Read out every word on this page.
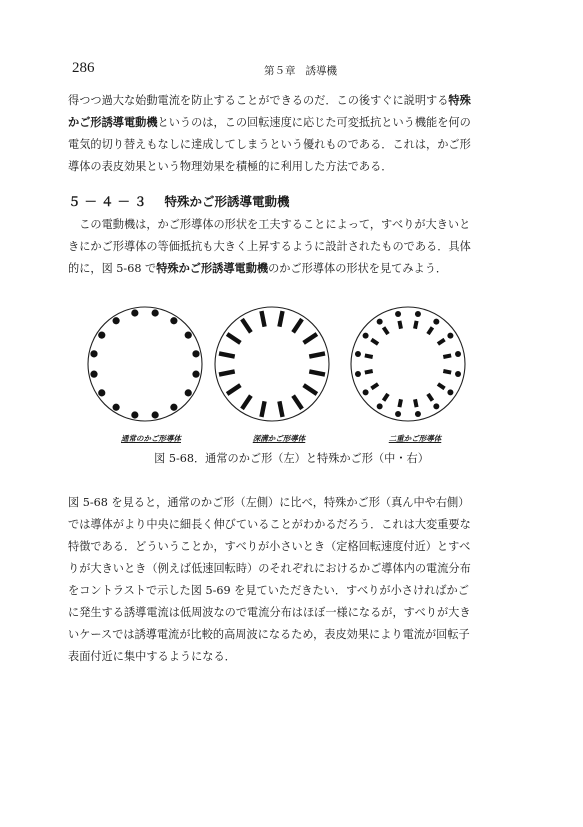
286	第５章 誘導機
得つつ過大な始動電流を防止することができるのだ．この後すぐに説明する特殊
かご形誘導電動機というのは，この回転速度に応じた可変抵抗という機能を何の
電気的切り替えもなしに達成してしまうという優れものである．これは，かご形
導体の表皮効果という物理効果を積極的に利用した方法である．
５－４－３ 特殊かご形誘導電動機
　この電動機は，かご形導体の形状を工夫することによって，すべりが大きいと
きにかご形導体の等価抵抗も大きく上昇するように設計されたものである．具体
的に，図 5-68 で特殊かご形誘導電動機のかご形導体の形状を見てみよう．
通常のかご形導体	深溝かご形導体	二重かご形導体
図 5-68．通常のかご形（左）と特殊かご形（中・右）
図 5-68 を見ると，通常のかご形（左側）に比べ，特殊かご形（真ん中や右側）
では導体がより中央に細長く伸びていることがわかるだろう．これは大変重要な
特徴である．どういうことか，すべりが小さいとき（定格回転速度付近）とすべ
りが大きいとき（例えば低速回転時）のそれぞれにおけるかご導体内の電流分布
をコントラストで示した図 5-69 を見ていただきたい．すべりが小さければかご
に発生する誘導電流は低周波なので電流分布はほぼ一様になるが，すべりが大き
いケースでは誘導電流が比較的高周波になるため，表皮効果により電流が回転子
表面付近に集中するようになる．
